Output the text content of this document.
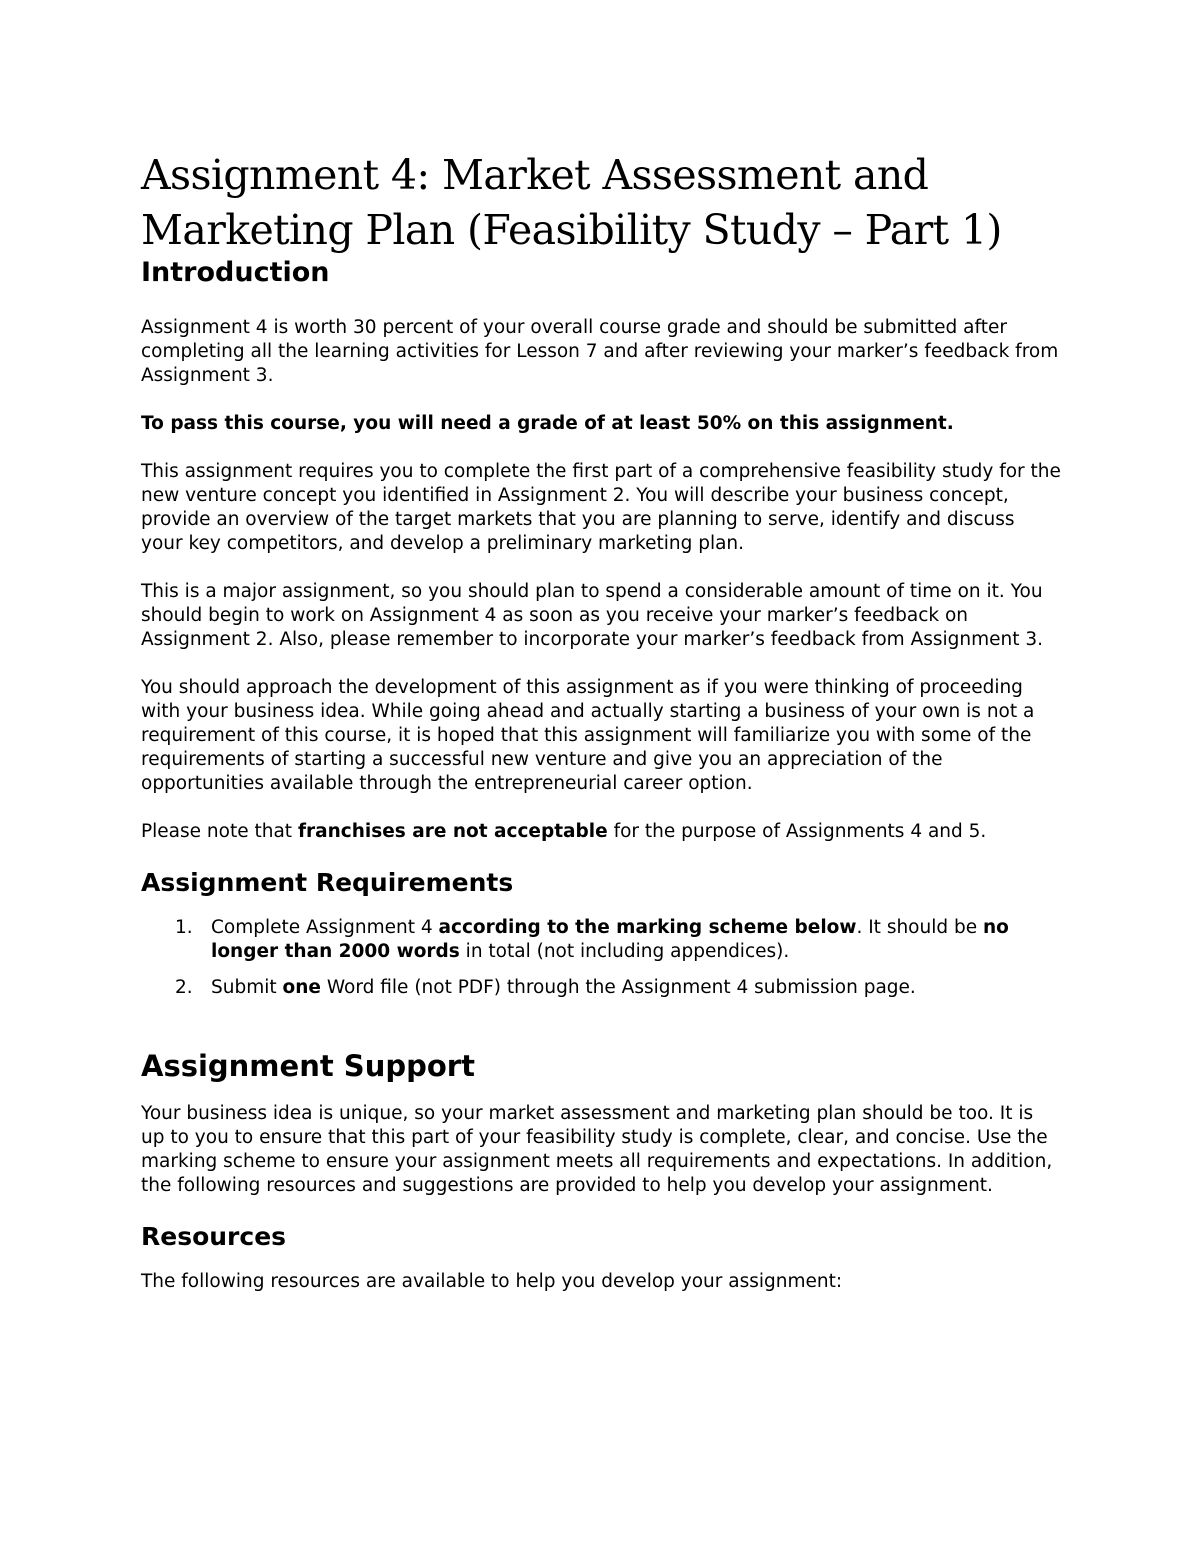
Assignment 4: Market Assessment and
Marketing Plan (Feasibility Study – Part 1)
Introduction

Assignment 4 is worth 30 percent of your overall course grade and should be submitted after completing all the learning activities for Lesson 7 and after reviewing your marker’s feedback from Assignment 3.

To pass this course, you will need a grade of at least 50% on this assignment.

This assignment requires you to complete the first part of a comprehensive feasibility study for the new venture concept you identified in Assignment 2. You will describe your business concept, provide an overview of the target markets that you are planning to serve, identify and discuss your key competitors, and develop a preliminary marketing plan.

This is a major assignment, so you should plan to spend a considerable amount of time on it. You should begin to work on Assignment 4 as soon as you receive your marker’s feedback on Assignment 2. Also, please remember to incorporate your marker’s feedback from Assignment 3.

You should approach the development of this assignment as if you were thinking of proceeding with your business idea. While going ahead and actually starting a business of your own is not a requirement of this course, it is hoped that this assignment will familiarize you with some of the requirements of starting a successful new venture and give you an appreciation of the opportunities available through the entrepreneurial career option.

Please note that franchises are not acceptable for the purpose of Assignments 4 and 5.

Assignment Requirements
1. Complete Assignment 4 according to the marking scheme below. It should be no longer than 2000 words in total (not including appendices).
2. Submit one Word file (not PDF) through the Assignment 4 submission page.
Assignment Support

Your business idea is unique, so your market assessment and marketing plan should be too. It is up to you to ensure that this part of your feasibility study is complete, clear, and concise. Use the marking scheme to ensure your assignment meets all requirements and expectations. In addition, the following resources and suggestions are provided to help you develop your assignment.

Resources

The following resources are available to help you develop your assignment:
